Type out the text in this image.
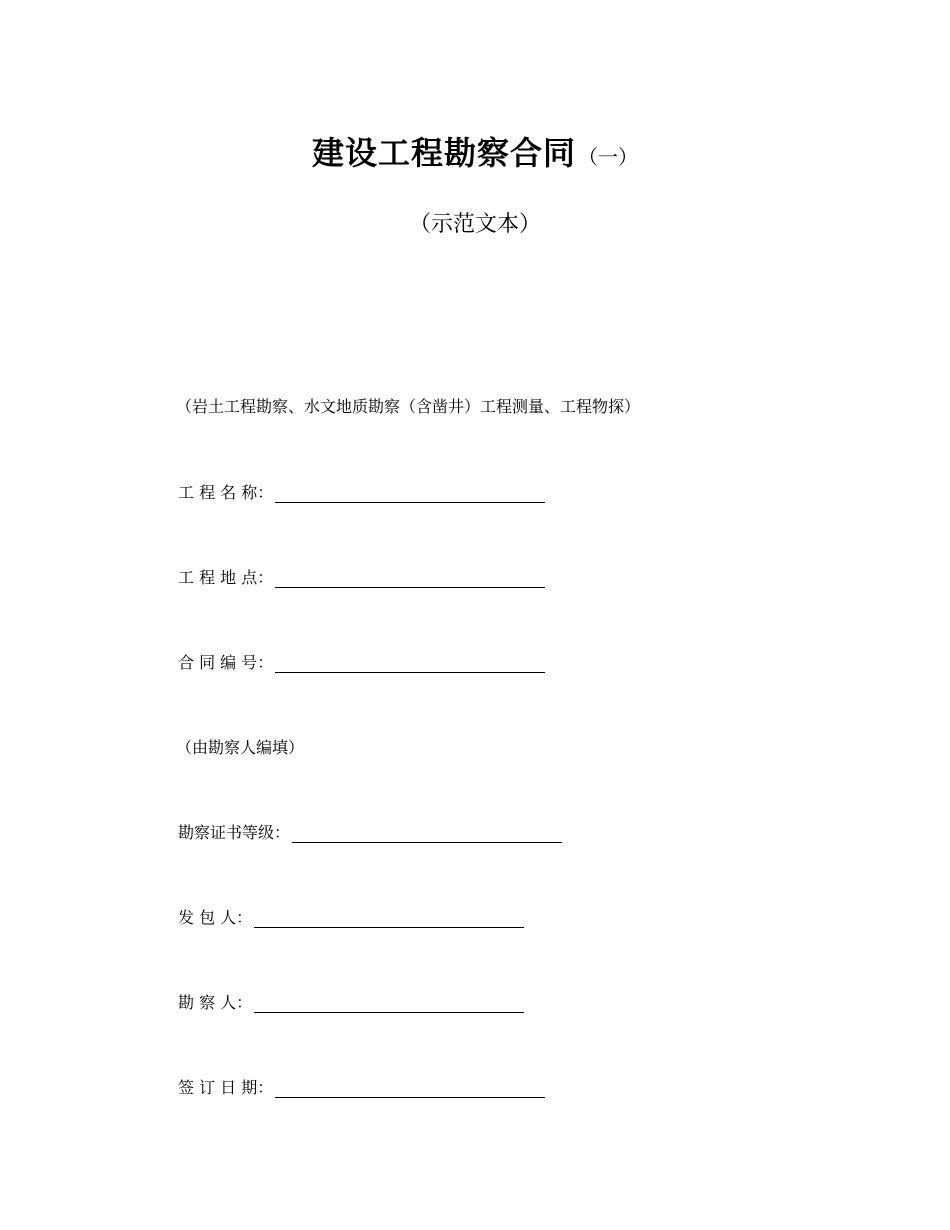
建设工程勘察合同 （一）
（示范文本）
（岩土工程勘察、水文地质勘察（含凿井）工程测量、工程物探）
工 程 名 称：
工 程 地 点：
合 同 编 号：
（由勘察人编填）
勘察证书等级：
发 包 人：
勘 察 人：
签 订 日 期：
